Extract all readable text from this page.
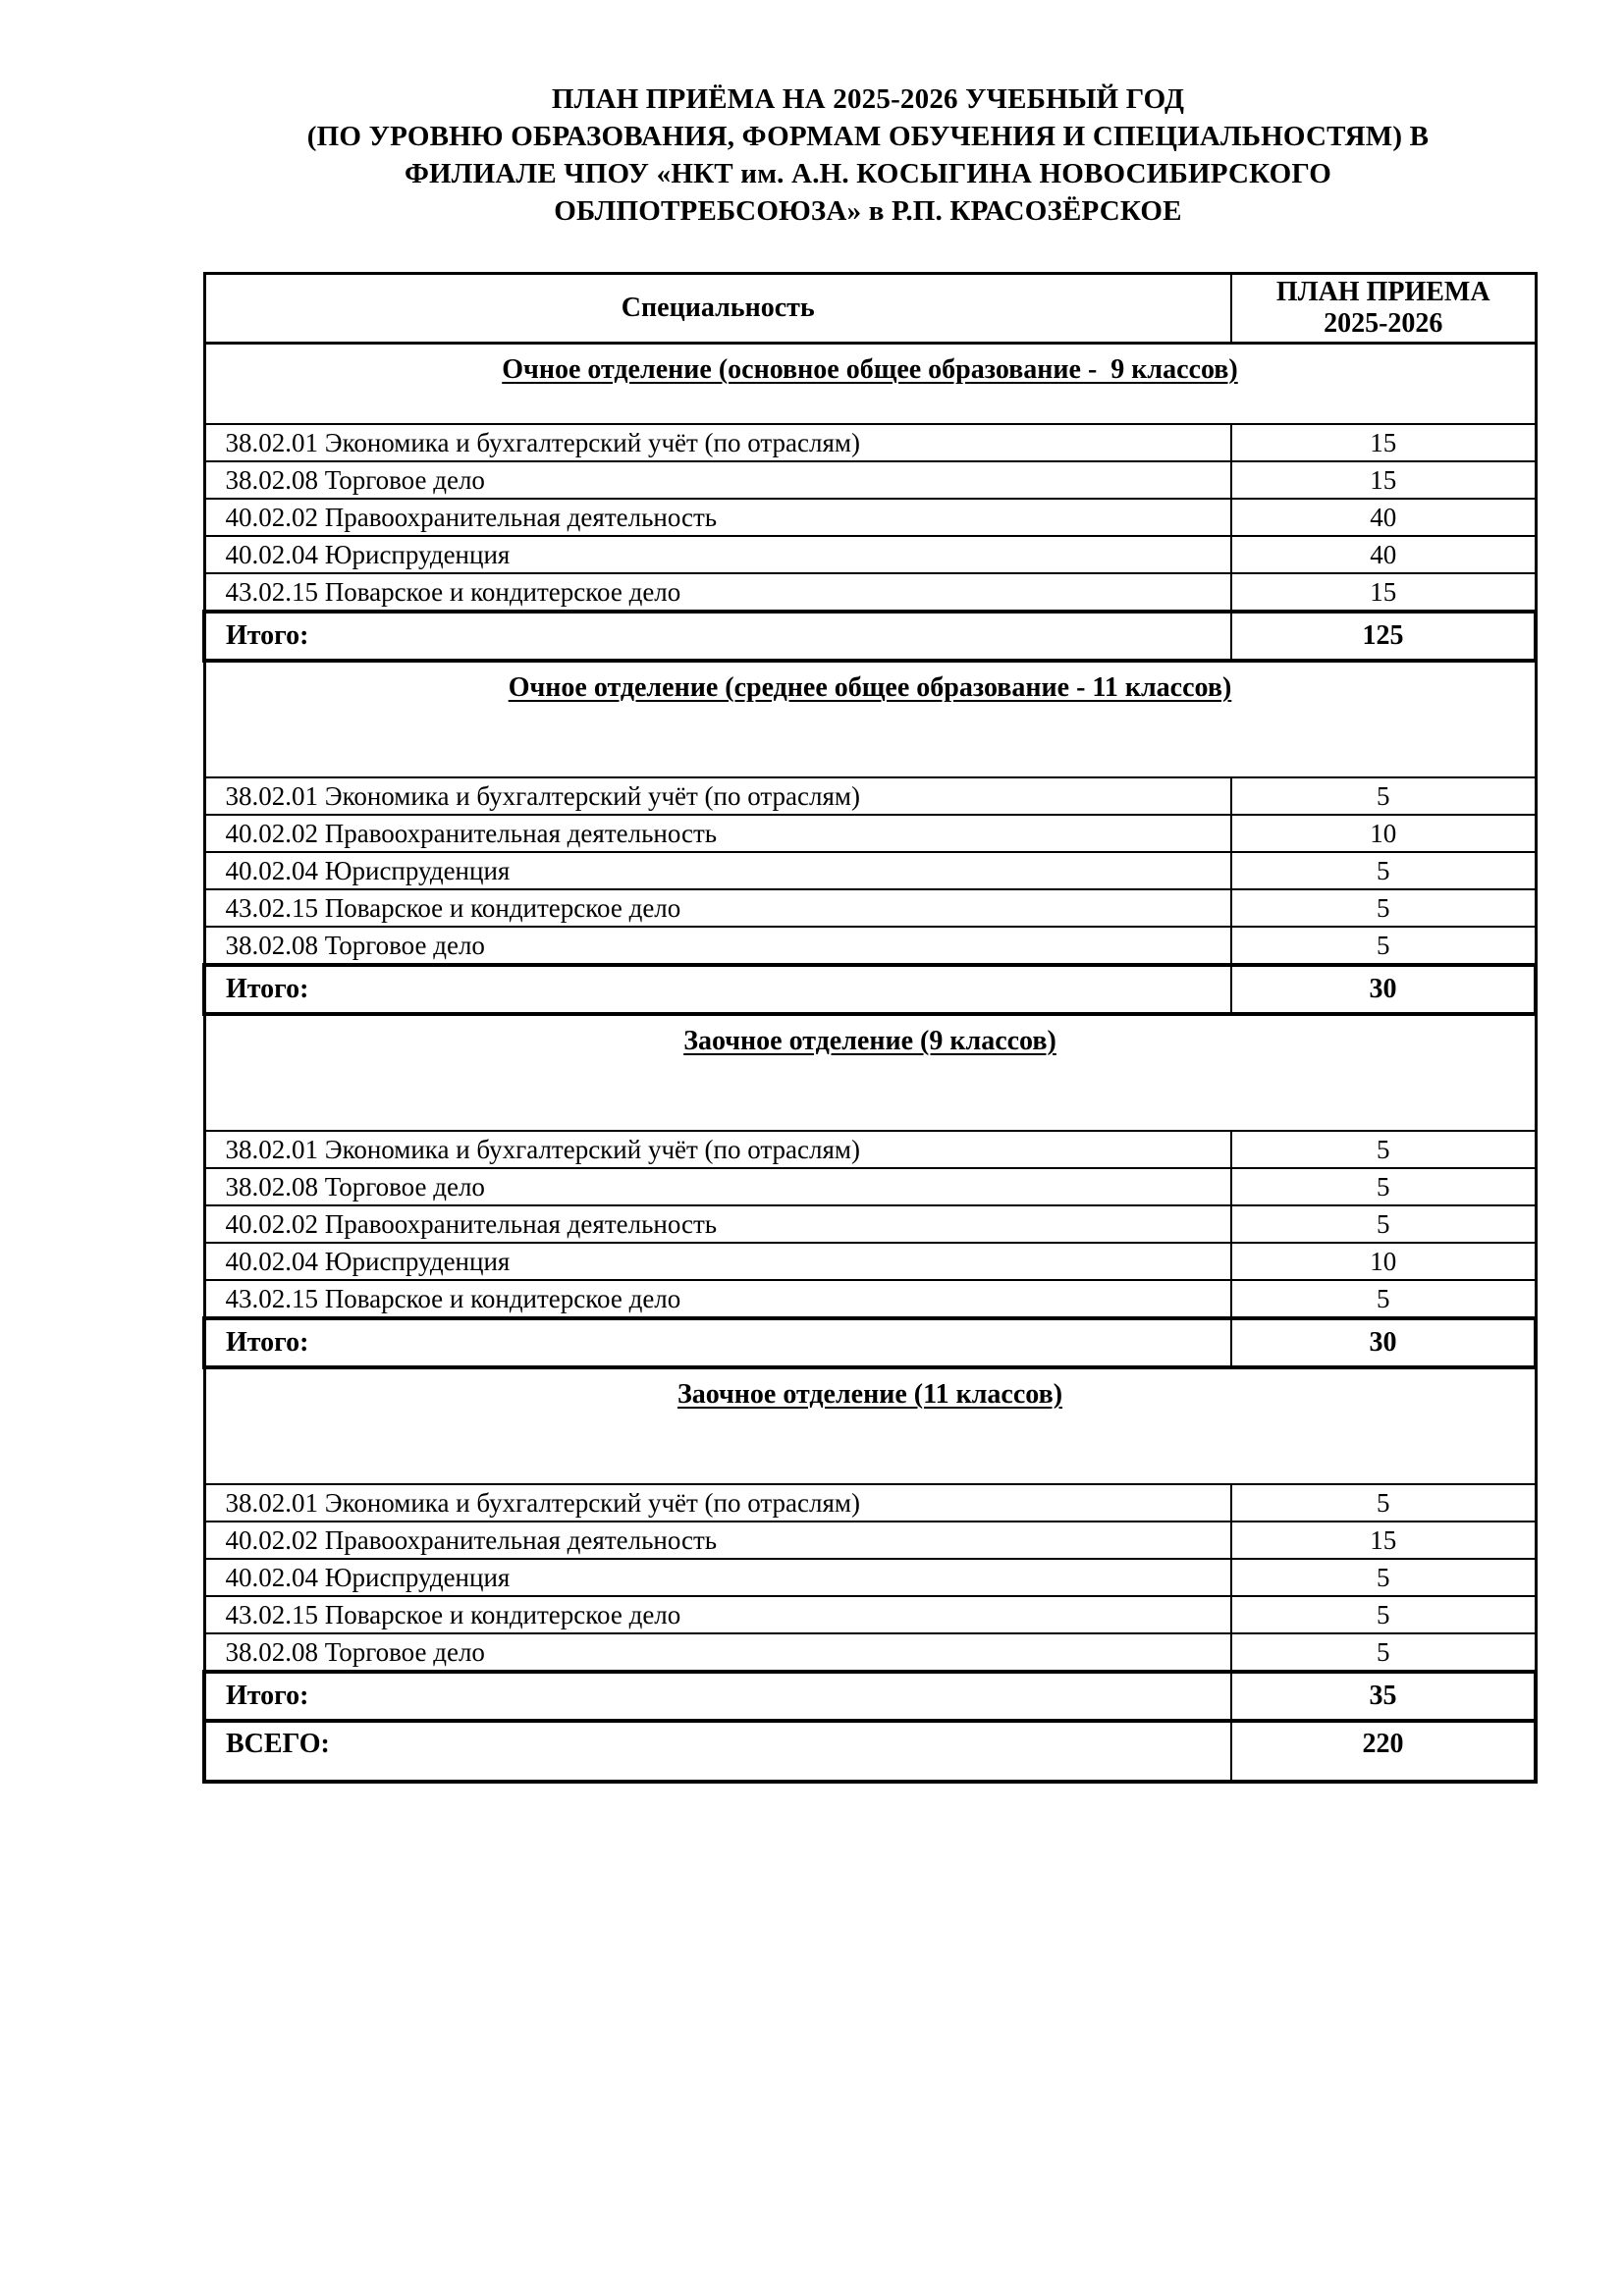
ПЛАН ПРИЁМА НА 2025-2026 УЧЕБНЫЙ ГОД
(ПО УРОВНЮ ОБРАЗОВАНИЯ, ФОРМАМ ОБУЧЕНИЯ И СПЕЦИАЛЬНОСТЯМ) В
ФИЛИАЛЕ ЧПОУ «НКТ им. А.Н. КОСЫГИНА НОВОСИБИРСКОГО
ОБЛПОТРЕБСОЮЗА» в Р.П. КРАСОЗЁРСКОЕ
Специальность	ПЛАН ПРИЕМА
2025-2026

Очное отделение (основное общее образование -  9 классов)	
38.02.01 Экономика и бухгалтерский учёт (по отраслям)	15
38.02.08 Торговое дело	15
40.02.02 Правоохранительная деятельность	40
40.02.04 Юриспруденция	40
43.02.15 Поварское и кондитерское дело	15
Итого:	125
Очное отделение (среднее общее образование - 11 классов)	
38.02.01 Экономика и бухгалтерский учёт (по отраслям)	5
40.02.02 Правоохранительная деятельность	10
40.02.04 Юриспруденция	5
43.02.15 Поварское и кондитерское дело	5
38.02.08 Торговое дело	5
Итого:	30
Заочное отделение (9 классов)	
38.02.01 Экономика и бухгалтерский учёт (по отраслям)	5
38.02.08 Торговое дело	5
40.02.02 Правоохранительная деятельность	5
40.02.04 Юриспруденция	10
43.02.15 Поварское и кондитерское дело	5
Итого:	30
Заочное отделение (11 классов)	
38.02.01 Экономика и бухгалтерский учёт (по отраслям)	5
40.02.02 Правоохранительная деятельность	15
40.02.04 Юриспруденция	5
43.02.15 Поварское и кондитерское дело	5
38.02.08 Торговое дело	5
Итого:	35
ВСЕГО:	220
